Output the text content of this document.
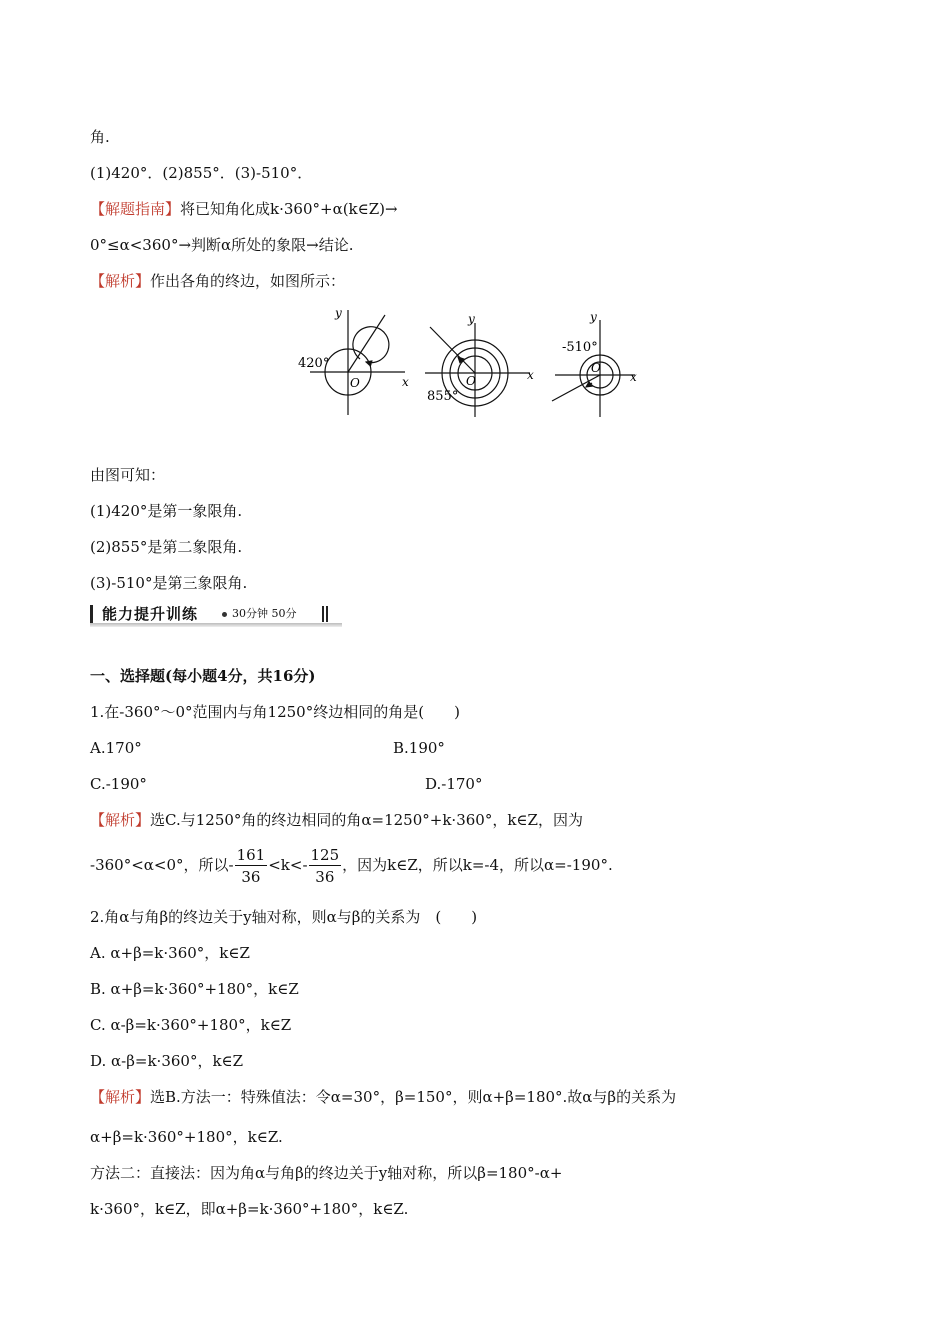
角.
(1)420°．(2)855°．(3)-510°．
【解题指南】将已知角化成k·360°+α(k∈Z)→
0°≤α<360°→判断α所处的象限→结论.
【解析】作出各角的终边，如图所示：
420°
y
x
O
855°
y
x
O
-510°
y
x
O
由图可知：
(1)420°是第一象限角.
(2)855°是第二象限角.
(3)-510°是第三象限角.
能力提升训练	30分钟 50分
一、选择题(每小题4分，共16分)
1.在-360°～0°范围内与角1250°终边相同的角是(　　)
A.170°	B.190°
C.-190°	D.-170°
【解析】选C.与1250°角的终边相同的角α=1250°+k·360°，k∈Z，因为
-360°<α<0°，所以- $\frac{161}{36} <k<- \frac{125}{36}$ ，因为k∈Z，所以k=-4，所以α=-190°.
2.角α与角β的终边关于y轴对称，则α与β的关系为　(　　)
A. α+β=k·360°，k∈Z
B. α+β=k·360°+180°，k∈Z
C. α-β=k·360°+180°，k∈Z
D. α-β=k·360°，k∈Z
【解析】选B.方法一：特殊值法：令α=30°，β=150°，则α+β=180°.故α与β的关系为
α+β=k·360°+180°，k∈Z.
方法二：直接法：因为角α与角β的终边关于y轴对称，所以β=180°-α+
k·360°，k∈Z，即α+β=k·360°+180°，k∈Z.
